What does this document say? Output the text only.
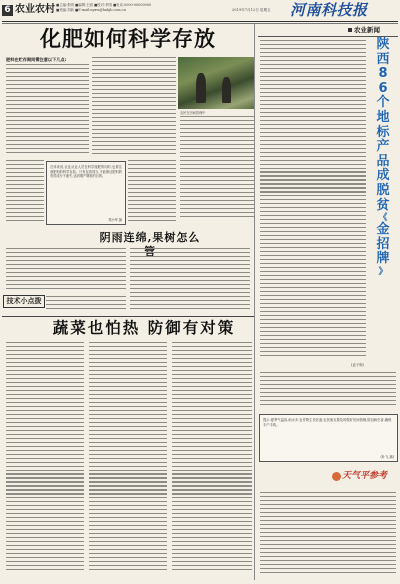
6 农业农村 ■主编:张明 ■编辑:王丽 ■校对:李国 ■电话:0000-00000000
■美编:刘新 ■E-mail:nyxw@hnkjb.com.cn	2019年7月12日 星期五 河南科技报
化肥如何科学存放
肥料在贮存期间需注意以下几点:
农民在田间管理中
总体来说,农业从业人员在科学施肥的同时,也要注意肥料的科学存放。只有存放得当,才能保证肥料的有效成分不流失,达到增产增收的目的。
郑小军 摘
阴雨连绵,果树怎么管
技术小点拨
蔬菜也怕热 防御有对策
农业新闻
陕
西
8
6
个
地
标
产
品
成
脱
贫
《
金
招
牌
》
(孟子和)
提示:夏季气温高,雨水多,农作物生长旺盛,农民朋友要及时做好田间管理,防治病虫害,确保丰产丰收。
(叶飞 摘)
天气平参考
